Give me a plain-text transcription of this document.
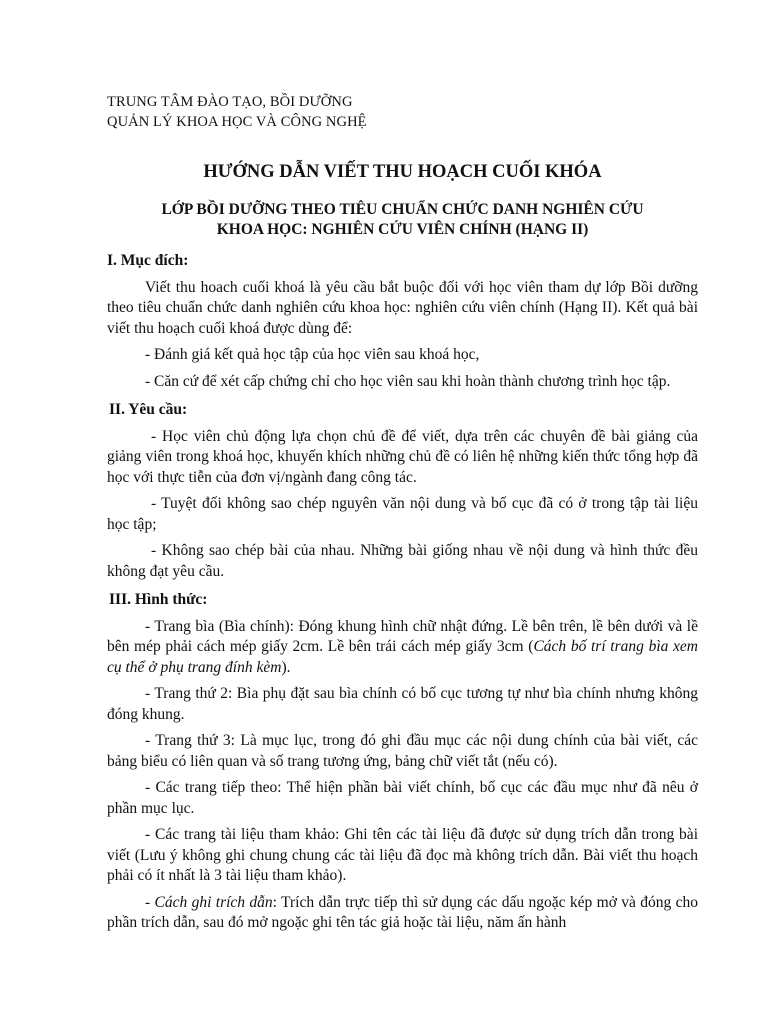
TRUNG TÂM ĐÀO TẠO, BỒI DƯỠNG
QUẢN LÝ KHOA HỌC VÀ CÔNG NGHỆ
HƯỚNG DẪN VIẾT THU HOẠCH CUỐI KHÓA
LỚP BỒI DƯỠNG THEO TIÊU CHUẨN CHỨC DANH NGHIÊN CỨU
KHOA HỌC: NGHIÊN CỨU VIÊN CHÍNH (HẠNG II)

I. Mục đích:

Viết thu hoach cuối khoá là yêu cầu bắt buộc đối với học viên tham dự lớp Bồi dưỡng theo tiêu chuẩn chức danh nghiên cứu khoa học: nghiên cứu viên chính (Hạng II). Kết quả bài viết thu hoạch cuối khoá được dùng để:

- Đánh giá kết quả học tập của học viên sau khoá học,

- Căn cứ để xét cấp chứng chỉ cho học viên sau khi hoàn thành chương trình học tập.

II. Yêu cầu:

- Học viên chủ động lựa chọn chủ đề để viết, dựa trên các chuyên đề bài giảng của giảng viên trong khoá học, khuyến khích những chủ đề có liên hệ những kiến thức tổng hợp đã học với thực tiễn của đơn vị/ngành đang công tác.

- Tuyệt đối không sao chép nguyên văn nội dung và bố cục đã có ở trong tập tài liệu học tập;

- Không sao chép bài của nhau. Những bài giống nhau về nội dung và hình thức đều không đạt yêu cầu.

III. Hình thức:

- Trang bìa (Bìa chính): Đóng khung hình chữ nhật đứng. Lề bên trên, lề bên dưới và lề bên mép phải cách mép giấy 2cm. Lề bên trái cách mép giấy 3cm (Cách bố trí trang bìa xem cụ thể ở phụ trang đính kèm).

- Trang thứ 2: Bìa phụ đặt sau bìa chính có bố cục tương tự như bìa chính nhưng không đóng khung.

- Trang thứ 3: Là mục lục, trong đó ghi đầu mục các nội dung chính của bài viết, các bảng biểu có liên quan và số trang tương ứng, bảng chữ viết tắt (nếu có).

- Các trang tiếp theo: Thể hiện phần bài viết chính, bố cục các đầu mục như đã nêu ở phần mục lục.

- Các trang tài liệu tham khảo: Ghi tên các tài liệu đã được sử dụng trích dẫn trong bài viết (Lưu ý không ghi chung chung các tài liệu đã đọc mà không trích dẫn. Bài viết thu hoạch phải có ít nhất là 3 tài liệu tham khảo).

- Cách ghi trích dẫn: Trích dẫn trực tiếp thì sử dụng các dấu ngoặc kép mở và đóng cho phần trích dẫn, sau đó mở ngoặc ghi tên tác giả hoặc tài liệu, năm ấn hành
